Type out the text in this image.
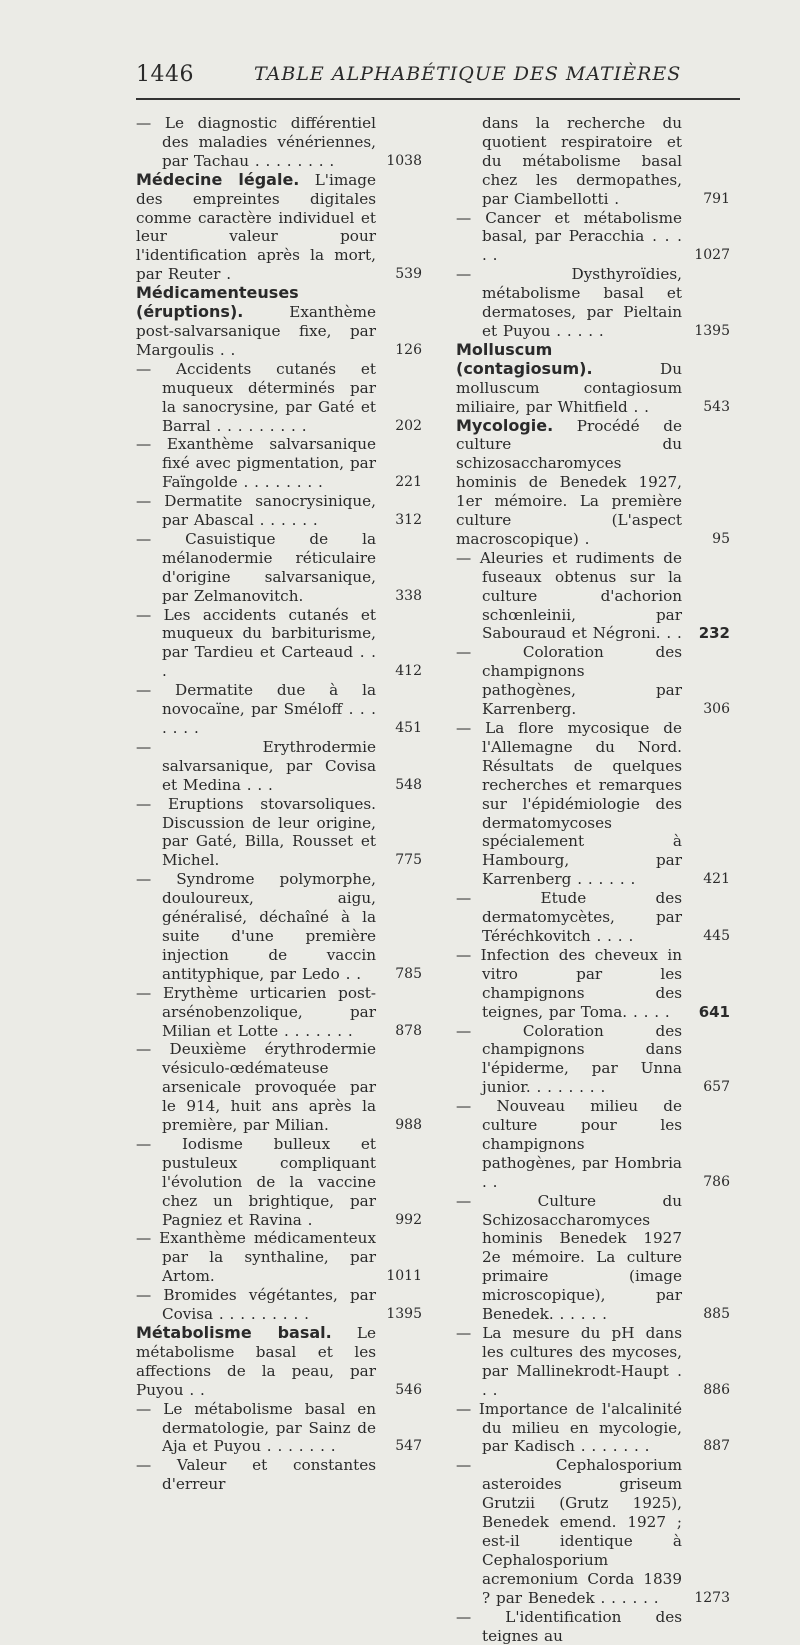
1446	TABLE ALPHABÉTIQUE DES MATIÈRES
— Le diagnostic différentiel des maladies vénériennes, par Tachau . . . . . . . .	1038
Médecine légale. L'image des empreintes digitales comme caractère individuel et leur valeur pour l'identification après la mort, par Reuter .	539
Médicamenteuses (éruptions). Exanthème post-salvarsanique fixe, par Margoulis . .	126
— Accidents cutanés et muqueux déterminés par la sanocrysine, par Gaté et Barral . . . . . . . . .	202
— Exanthème salvarsanique fixé avec pigmentation, par Faïngolde . . . . . . . .	221
— Dermatite sanocrysinique, par Abascal . . . . . .	312
— Casuistique de la mélanodermie réticulaire d'origine salvarsanique, par Zelmanovitch.	338
— Les accidents cutanés et muqueux du barbiturisme, par Tardieu et Carteaud . . .	412
— Dermatite due à la novocaïne, par Sméloff . . . . . . .	451
— Erythrodermie salvarsanique, par Covisa et Medina . . .	548
— Eruptions stovarsoliques. Discussion de leur origine, par Gaté, Billa, Rousset et Michel.	775
— Syndrome polymorphe, douloureux, aigu, généralisé, déchaîné à la suite d'une première injection de vaccin antityphique, par Ledo . .	785
— Erythème urticarien post-arsénobenzolique, par Milian et Lotte . . . . . . .	878
— Deuxième érythrodermie vésiculo-œdémateuse arsenicale provoquée par le 914, huit ans après la première, par Milian.	988
— Iodisme bulleux et pustuleux compliquant l'évolution de la vaccine chez un brightique, par Pagniez et Ravina .	992
— Exanthème médicamenteux par la synthaline, par Artom.	1011
— Bromides végétantes, par Covisa . . . . . . . . .	1395
Métabolisme basal. Le métabolisme basal et les affections de la peau, par Puyou . .	546
— Le métabolisme basal en dermatologie, par Sainz de Aja et Puyou . . . . . . .	547
— Valeur et constantes d'erreur
dans la recherche du quotient respiratoire et du métabolisme basal chez les dermopathes, par Ciambellotti .	791
— Cancer et métabolisme basal, par Peracchia . . . . .	1027
— Dysthyroïdies, métabolisme basal et dermatoses, par Pieltain et Puyou . . . . .	1395
Molluscum (contagiosum). Du molluscum contagiosum miliaire, par Whitfield . .	543
Mycologie. Procédé de culture du schizosaccharomyces hominis de Benedek 1927, 1er mémoire. La première culture (L'aspect macroscopique) .	95
— Aleuries et rudiments de fuseaux obtenus sur la culture d'achorion schœnleinii, par Sabouraud et Négroni. . .	232
— Coloration des champignons pathogènes, par Karrenberg.	306
— La flore mycosique de l'Allemagne du Nord. Résultats de quelques recherches et remarques sur l'épidémiologie des dermatomycoses spécialement à Hambourg, par Karrenberg . . . . . .	421
— Etude des dermatomycètes, par Téréchkovitch . . . .	445
— Infection des cheveux in vitro par les champignons des teignes, par Toma. . . . .	641
— Coloration des champignons dans l'épiderme, par Unna junior. . . . . . . .	657
— Nouveau milieu de culture pour les champignons pathogènes, par Hombria . .	786
— Culture du Schizosaccharomyces hominis Benedek 1927 2e mémoire. La culture primaire (image microscopique), par Benedek. . . . . .	885
— La mesure du pH dans les cultures des mycoses, par Mallinekrodt-Haupt . . .	886
— Importance de l'alcalinité du milieu en mycologie, par Kadisch . . . . . . .	887
— Cephalosporium asteroides griseum Grutzii (Grutz 1925), Benedek emend. 1927 ; est-il identique à Cephalosporium acremonium Corda 1839 ? par Benedek . . . . . .	1273
— L'identification des teignes au
